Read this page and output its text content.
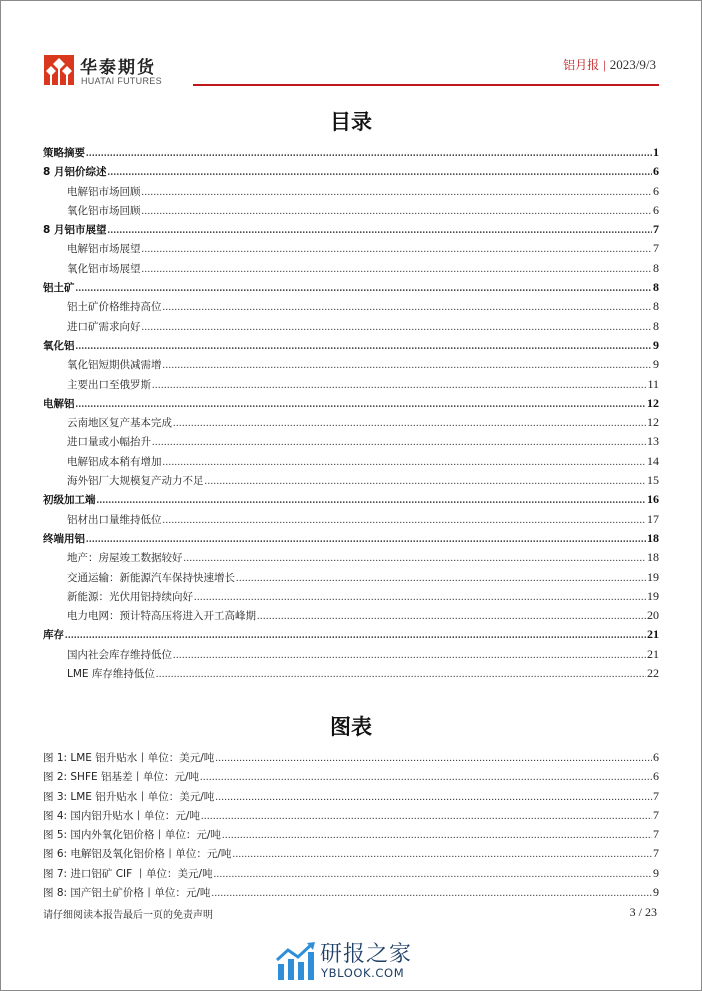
华泰期货
HUATAI FUTURES
铝月报 | 2023/9/3
目录
策略摘要 .....	1
8 月铝价综述 .....	6
电解铝市场回顾 .....	6
氧化铝市场回顾 .....	6
8 月铝市展望 .....	7
电解铝市场展望 .....	7
氧化铝市场展望 .....	8
铝土矿 .....	8
铝土矿价格维持高位 .....	8
进口矿需求向好 .....	8
氧化铝 .....	9
氧化铝短期供减需增 .....	9
主要出口至俄罗斯 .....	11
电解铝 .....	12
云南地区复产基本完成 .....	12
进口量或小幅抬升 .....	13
电解铝成本稍有增加 .....	14
海外铝厂大规模复产动力不足 .....	15
初级加工端 .....	16
铝材出口量维持低位 .....	17
终端用铝 .....	18
地产：房屋竣工数据较好 .....	18
交通运输：新能源汽车保持快速增长 .....	19
新能源：光伏用铝持续向好 .....	19
电力电网：预计特高压将进入开工高峰期 .....	20
库存 .....	21
国内社会库存维持低位 .....	21
LME 库存维持低位 .....	22
图表
图 1: LME 铝升贴水丨单位：美元/吨 .....	6
图 2: SHFE 铝基差丨单位：元/吨 .....	6
图 3: LME 铝升贴水丨单位：美元/吨 .....	7
图 4: 国内铝升贴水丨单位：元/吨 .....	7
图 5: 国内外氧化铝价格丨单位：元/吨 .....	7
图 6: 电解铝及氧化铝价格丨单位：元/吨 .....	7
图 7: 进口铝矿 CIF 丨单位：美元/吨 .....	9
图 8: 国产铝土矿价格丨单位：元/吨 .....	9
请仔细阅读本报告最后一页的免责声明	3 / 23
研报之家
YBLOOK.COM
